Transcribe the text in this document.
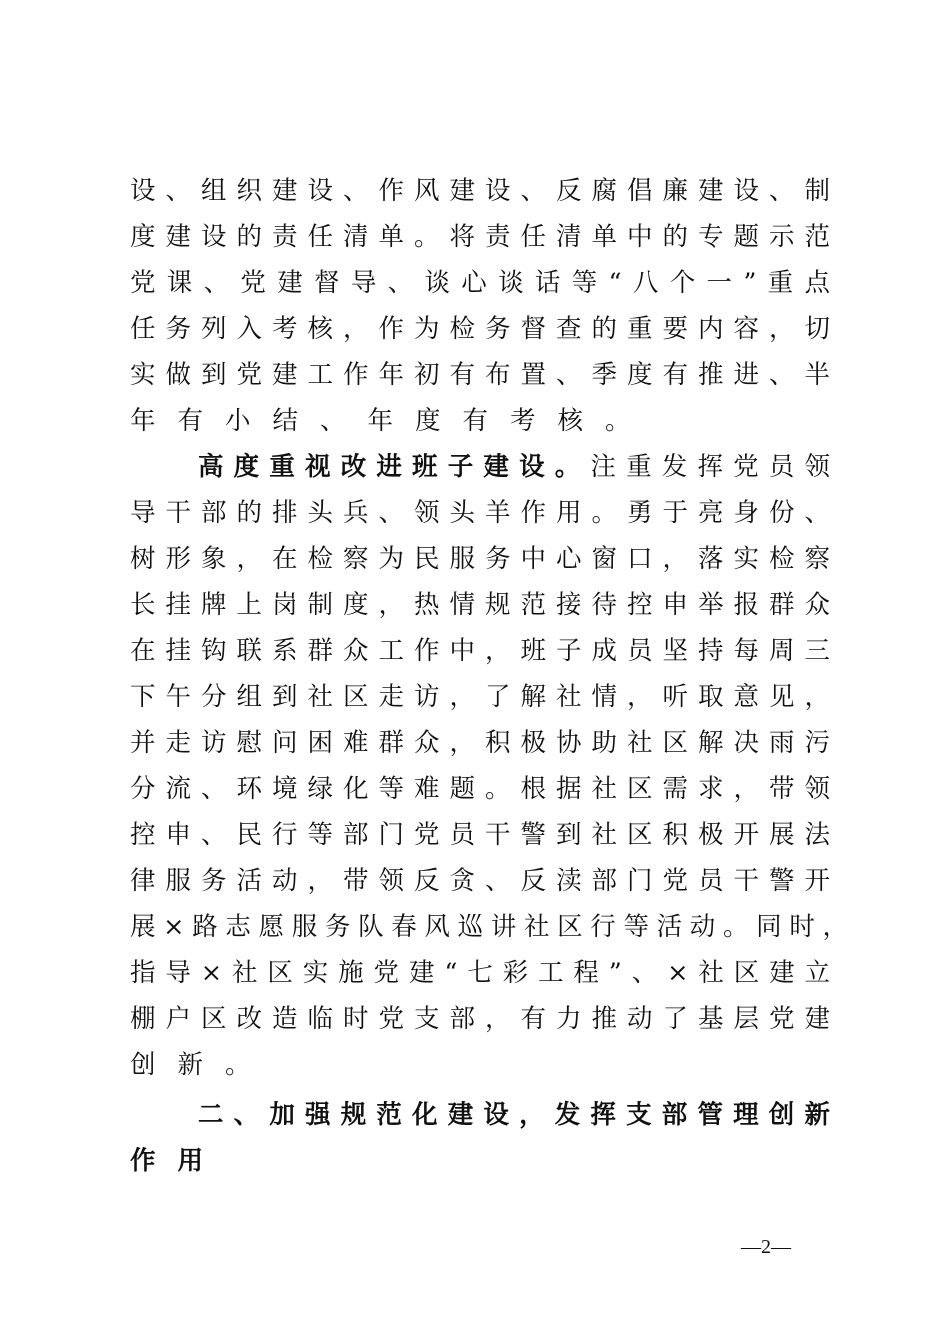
设、组织建设、作风建设、反腐倡廉建设、制
度建设的责任清单。将责任清单中的专题示范
党课、党建督导、谈心谈话等“八个一”重点
任务列入考核，作为检务督查的重要内容，切
实做到党建工作年初有布置、季度有推进、半
年有小结、年度有考核。
高度重视改进班子建设。注重发挥党员领
导干部的排头兵、领头羊作用。勇于亮身份、
树形象，在检察为民服务中心窗口，落实检察
长挂牌上岗制度，热情规范接待控申举报群众
在挂钩联系群众工作中，班子成员坚持每周三
下午分组到社区走访，了解社情，听取意见，
并走访慰问困难群众，积极协助社区解决雨污
分流、环境绿化等难题。根据社区需求，带领
控申、民行等部门党员干警到社区积极开展法
律服务活动，带领反贪、反渎部门党员干警开
展×路志愿服务队春风巡讲社区行等活动。同时，
指导×社区实施党建“七彩工程”、×社区建立
棚户区改造临时党支部，有力推动了基层党建
创新。
二、加强规范化建设，发挥支部管理创新
作用
—2—
